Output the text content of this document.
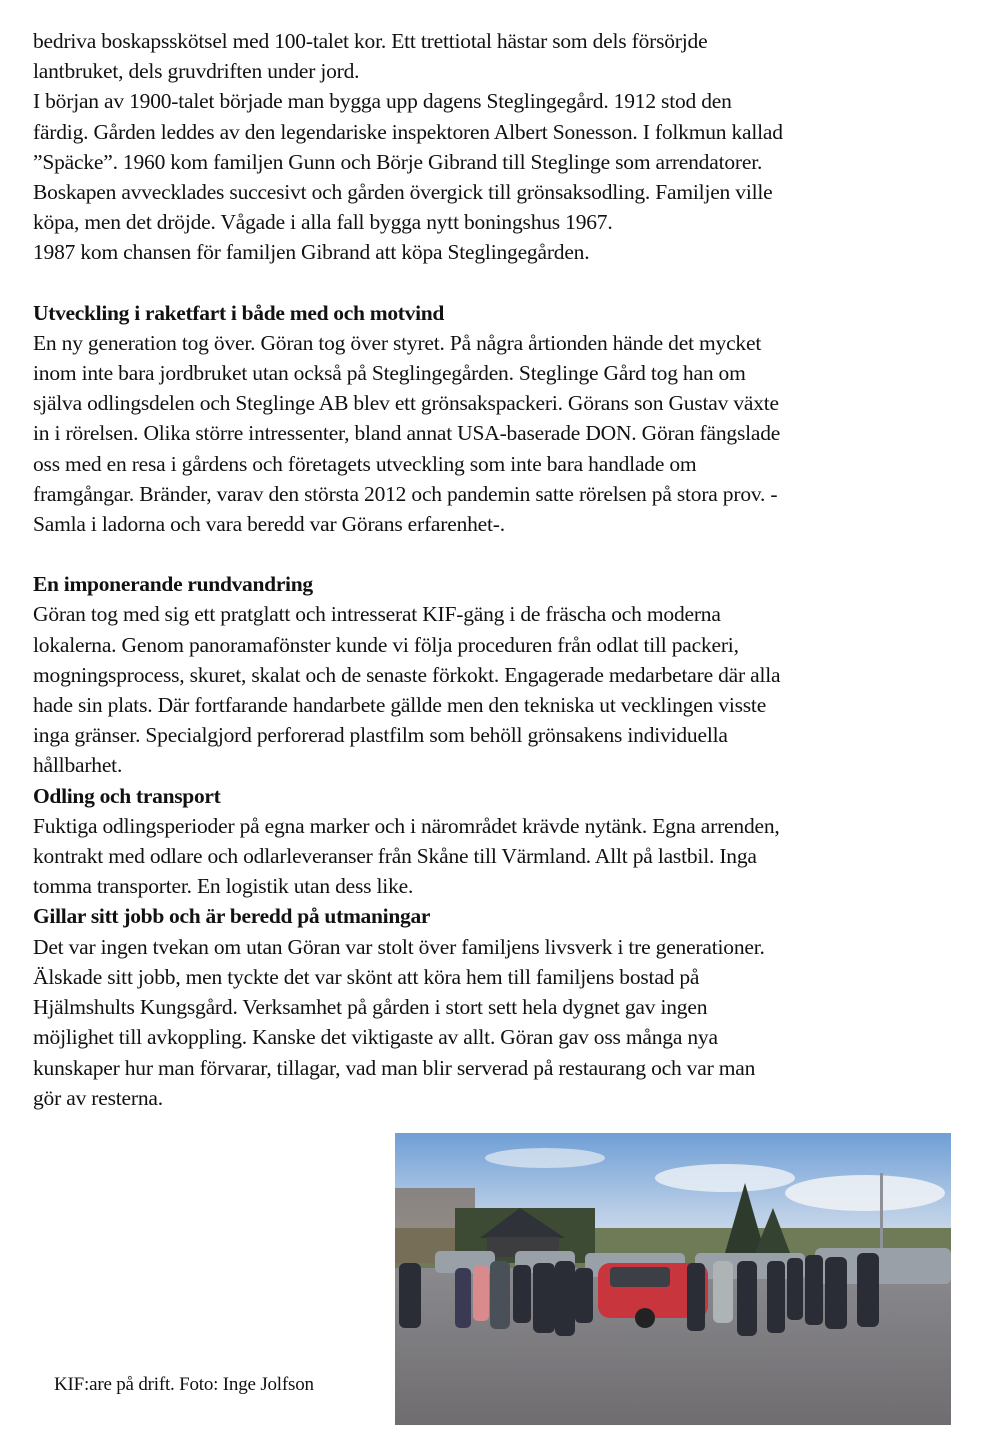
bedriva boskapsskötsel med 100-talet kor. Ett trettiotal hästar som dels försörjde

lantbruket, dels gruvdriften under jord.

I början av 1900-talet började man bygga upp dagens Steglingegård. 1912 stod den

färdig. Gården leddes av den legendariske inspektoren Albert Sonesson. I folkmun kallad

”Späcke”. 1960 kom familjen Gunn och Börje Gibrand till Steglinge som arrendatorer.

Boskapen avvecklades succesivt och gården övergick till grönsaksodling. Familjen ville

köpa, men det dröjde. Vågade i alla fall bygga nytt boningshus 1967.

1987 kom chansen för familjen Gibrand att köpa Steglingegården.

Utveckling i raketfart i både med och motvind

En ny generation tog över. Göran tog över styret. På några årtionden hände det mycket

inom inte bara jordbruket utan också på Steglingegården. Steglinge Gård tog han om

själva odlingsdelen och Steglinge AB blev ett grönsakspackeri. Görans son Gustav växte

in i rörelsen. Olika större intressenter, bland annat USA-baserade DON. Göran fängslade

oss med en resa i gårdens och företagets utveckling som inte bara handlade om

framgångar. Bränder, varav den största 2012 och pandemin satte rörelsen på stora prov. -

Samla i ladorna och vara beredd var Görans erfarenhet-.

En imponerande rundvandring

Göran tog med sig ett pratglatt och intresserat KIF-gäng i de fräscha och moderna

lokalerna. Genom panoramafönster kunde vi följa proceduren från odlat till packeri,

mogningsprocess, skuret, skalat och de senaste förkokt. Engagerade medarbetare där alla

hade sin plats. Där fortfarande handarbete gällde men den tekniska ut vecklingen visste

inga gränser. Specialgjord perforerad plastfilm som behöll grönsakens individuella

hållbarhet.

Odling och transport

Fuktiga odlingsperioder på egna marker och i närområdet krävde nytänk. Egna arrenden,

kontrakt med odlare och odlarleveranser från Skåne till Värmland. Allt på lastbil. Inga

tomma transporter. En logistik utan dess like.

Gillar sitt jobb och är beredd på utmaningar

Det var ingen tvekan om utan Göran var stolt över familjens livsverk i tre generationer.

Älskade sitt jobb, men tyckte det var skönt att köra hem till familjens bostad på

Hjälmshults Kungsgård. Verksamhet på gården i stort sett hela dygnet gav ingen

möjlighet till avkoppling. Kanske det viktigaste av allt. Göran gav oss många nya

kunskaper hur man förvarar, tillagar, vad man blir serverad på restaurang och var man

gör av resterna.

KIF:are på drift. Foto: Inge Jolfson
